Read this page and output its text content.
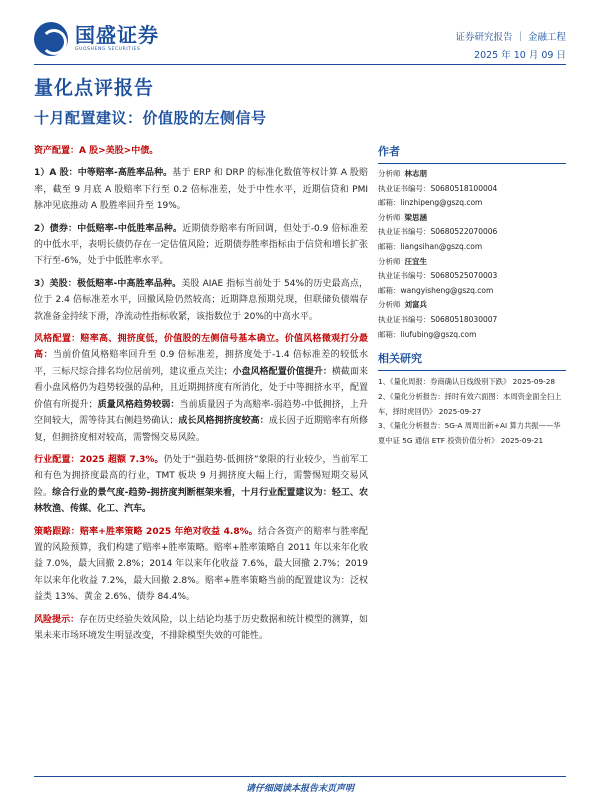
国盛证券
GUOSHENG SECURITIES
证券研究报告 ｜ 金融工程
2025 年 10 月 09 日
量化点评报告
十月配置建议：价值股的左侧信号

资产配置：A 股>美股>中债。

1）A 股：中等赔率-高胜率品种。基于 ERP 和 DRP 的标准化数值等权计算 A 股赔率，截至 9 月底 A 股赔率下行至 0.2 倍标准差，处于中性水平，近期信贷和 PMI 脉冲见底推动 A 股胜率回升至 19%。

2）债券：中低赔率-中低胜率品种。近期债券赔率有所回调，但处于-0.9 倍标准差的中低水平，表明长债仍存在一定估值风险；近期债券胜率指标由于信贷和增长扩张下行至-6%，处于中低胜率水平。

3）美股：极低赔率-中高胜率品种。美股 AIAE 指标当前处于 54%的历史最高点，位于 2.4 倍标准差水平，回撤风险仍然较高；近期降息预期兑现，但联储负债端存款准备金持续下滑，净流动性指标收紧，该指数位于 20%的中高水平。

风格配置：赔率高、拥挤度低，价值股的左侧信号基本确立。价值风格微观打分最高：当前价值风格赔率回升至 0.9 倍标准差，拥挤度处于-1.4 倍标准差的较低水平，三标尺综合排名均位居前列，建议重点关注；小盘风格配置价值提升：横截面来看小盘风格仍为趋势较强的品种，且近期拥挤度有所消化，处于中等拥挤水平，配置价值有所提升；质量风格趋势较弱：当前质量因子为高赔率-弱趋势-中低拥挤，上升空间较大，需等待其右侧趋势确认；成长风格拥挤度较高：成长因子近期赔率有所修复，但拥挤度相对较高，需警惕交易风险。

行业配置：2025 超额 7.3%。仍处于“强趋势-低拥挤”象限的行业较少，当前军工和有色为拥挤度最高的行业，TMT 板块 9 月拥挤度大幅上行，需警惕短期交易风险。综合行业的景气度-趋势-拥挤度判断框架来看，十月行业配置建议为：轻工、农林牧渔、传媒、化工、汽车。

策略跟踪：赔率+胜率策略 2025 年绝对收益 4.8%。结合各资产的赔率与胜率配置的风险预算，我们构建了赔率+胜率策略。赔率+胜率策略自 2011 年以来年化收益 7.0%，最大回撤 2.8%；2014 年以来年化收益 7.6%，最大回撤 2.7%；2019 年以来年化收益 7.2%，最大回撤 2.8%。赔率+胜率策略当前的配置建议为：泛权益类 13%、黄金 2.6%、债券 84.4%。

风险提示：存在历史经验失效风险，以上结论均基于历史数据和统计模型的测算，如果未来市场环境发生明显改变，不排除模型失效的可能性。

作者
分析师 林志朋
执业证书编号：S0680518100004
邮箱：linzhipeng@gszq.com
分析师 梁思涵
执业证书编号：S0680522070006
邮箱：liangsihan@gszq.com
分析师 汪宜生
执业证书编号：S0680525070003
邮箱：wangyisheng@gszq.com
分析师 刘富兵
执业证书编号：S0680518030007
邮箱：liufubing@gszq.com
相关研究
1、《量化周报：券商确认日线级别下跌》 2025-09-28
2、《量化分析报告：择时有效六面图：本周资金面全扫上车，择时虎回仍》 2025-09-27
3、《量化分析报告：5G-A 周周出新+AI 算力共振——华夏中证 5G 通信 ETF 投资价值分析》 2025-09-21
请仔细阅读本报告末页声明
